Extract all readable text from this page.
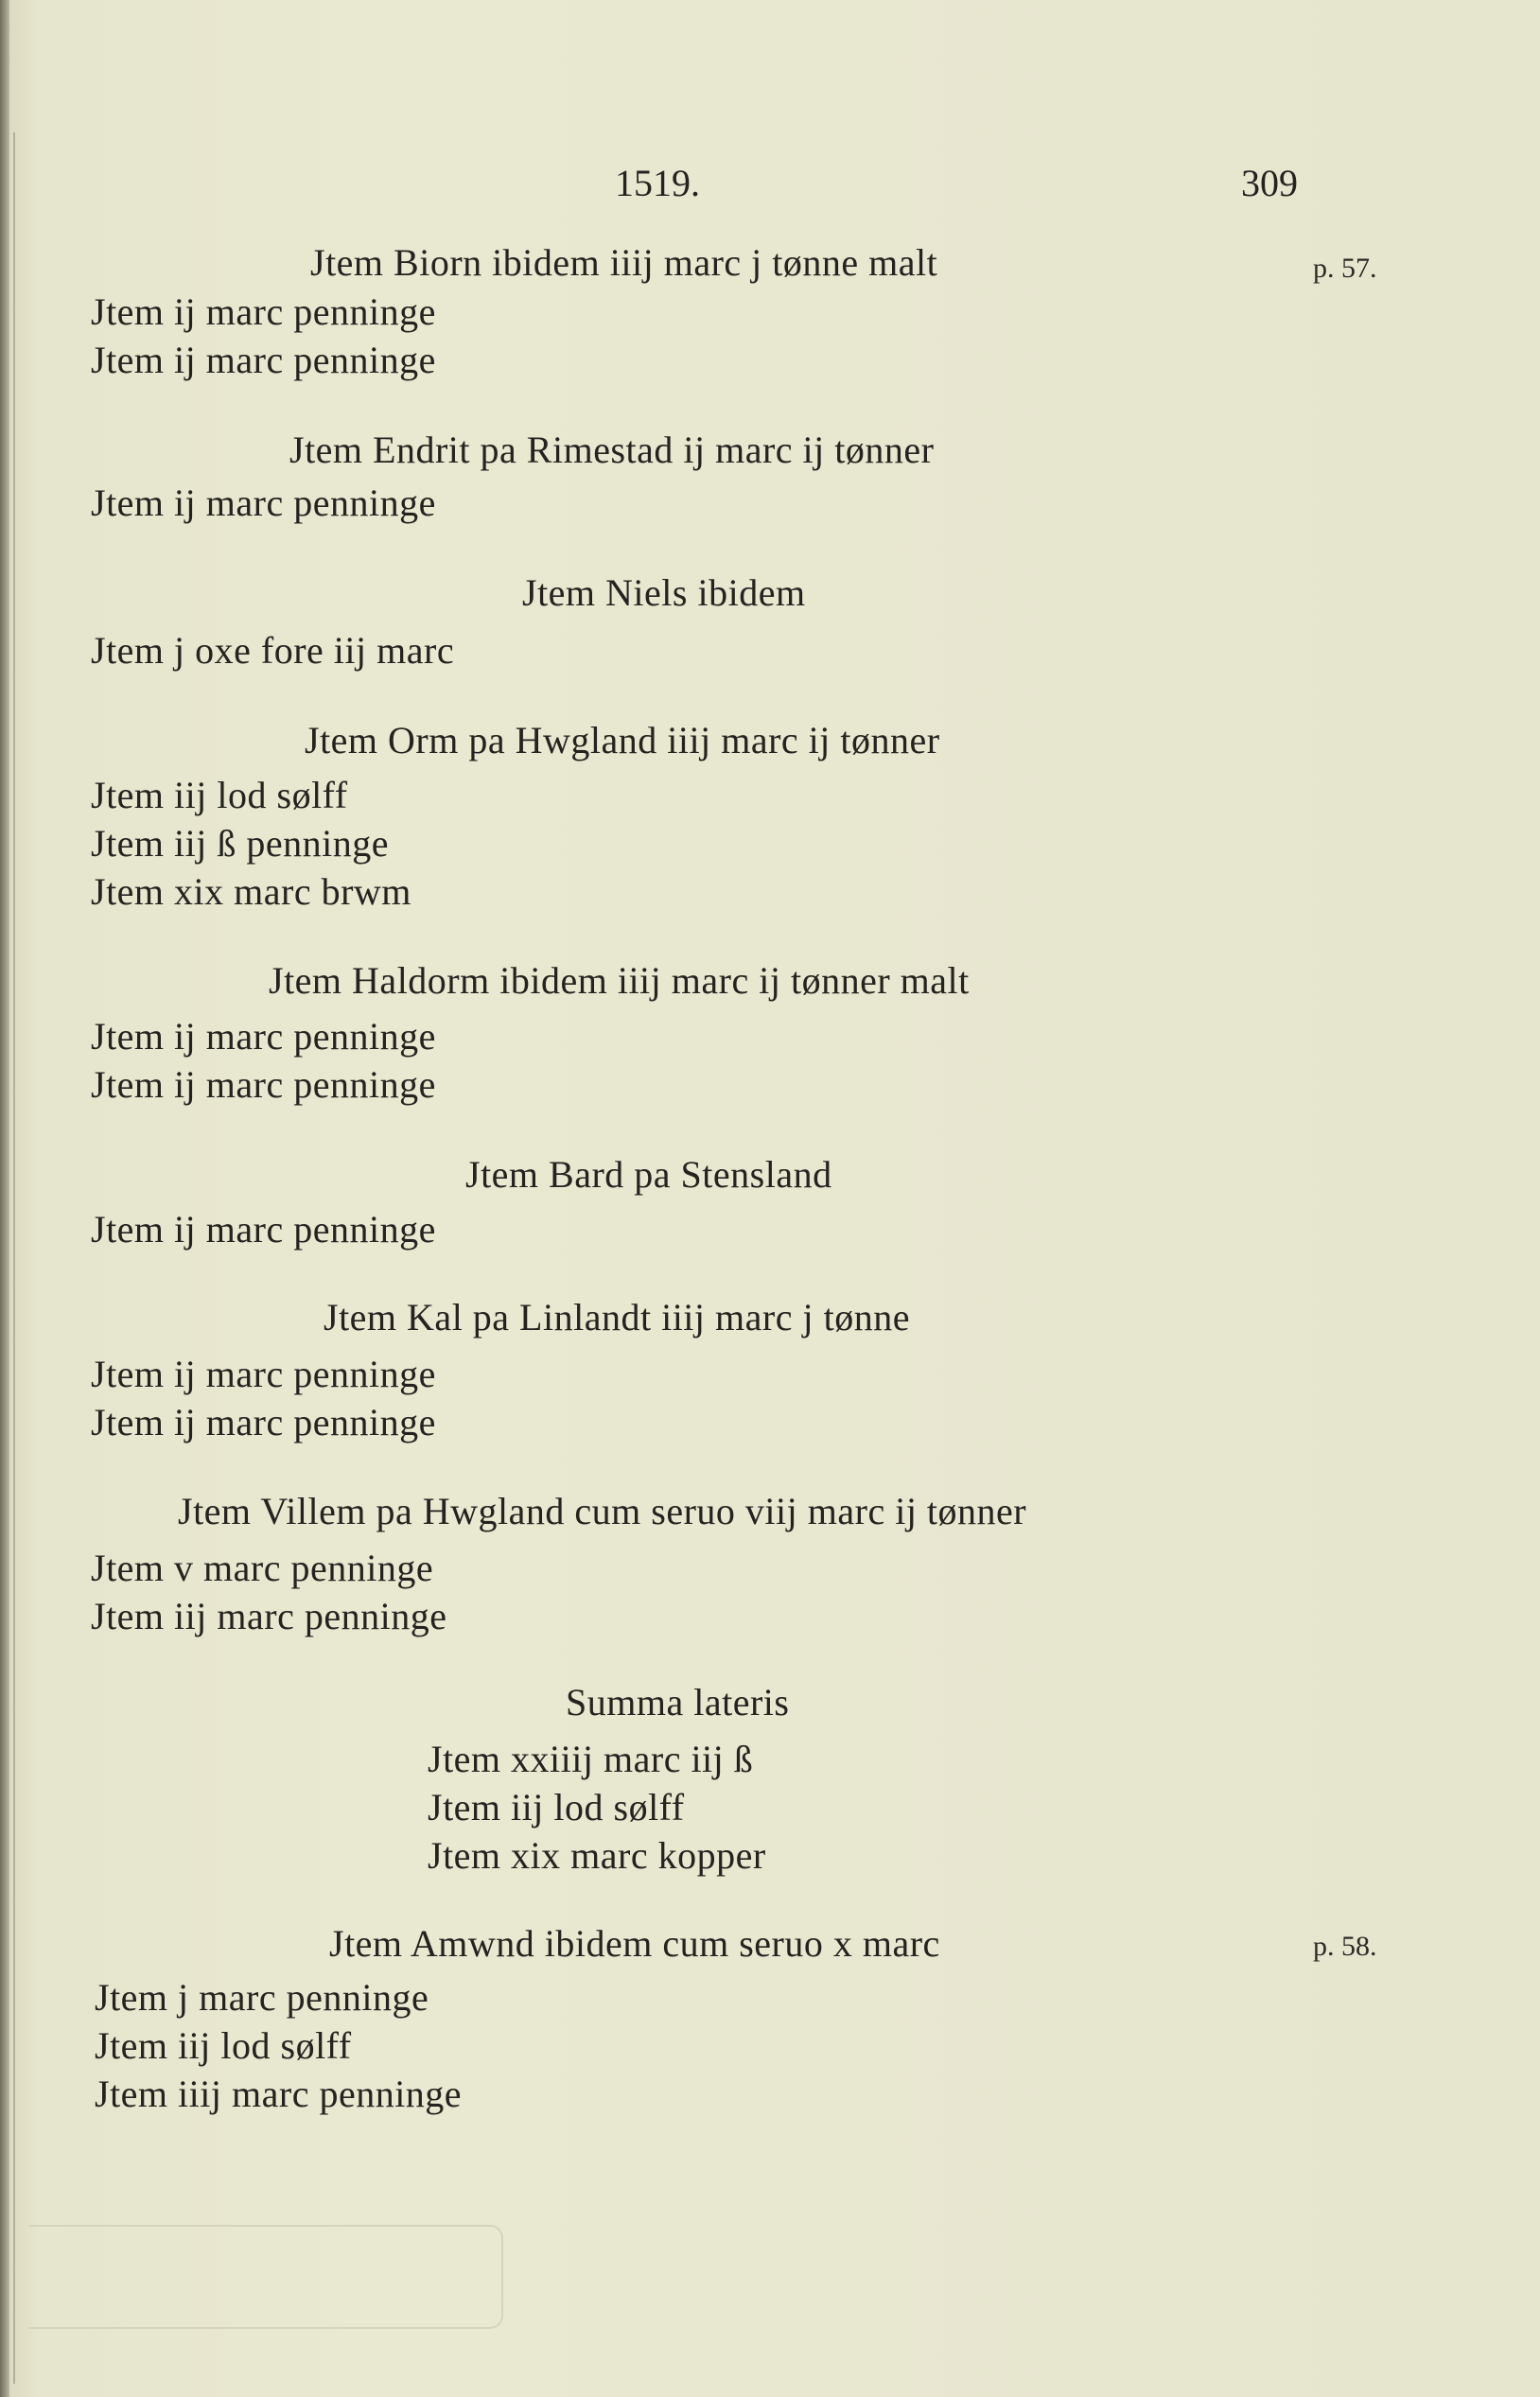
1519.	309
p. 57.
p. 58.
Jtem Biorn ibidem iiij marc j tønne malt
Jtem ij marc penninge
Jtem ij marc penninge
Jtem Endrit pa Rimestad ij marc ij tønner
Jtem ij marc penninge
Jtem Niels ibidem
Jtem j oxe fore iij marc
Jtem Orm pa Hwgland iiij marc ij tønner
Jtem iij lod sølff
Jtem iij ß penninge
Jtem xix marc brwm
Jtem Haldorm ibidem iiij marc ij tønner malt
Jtem ij marc penninge
Jtem ij marc penninge
Jtem Bard pa Stensland
Jtem ij marc penninge
Jtem Kal pa Linlandt iiij marc j tønne
Jtem ij marc penninge
Jtem ij marc penninge
Jtem Villem pa Hwgland cum seruo viij marc ij tønner
Jtem v marc penninge
Jtem iij marc penninge
Summa lateris
Jtem xxiiij marc iij ß
Jtem iij lod sølff
Jtem xix marc kopper
Jtem Amwnd ibidem cum seruo x marc
Jtem j marc penninge
Jtem iij lod sølff
Jtem iiij marc penninge
